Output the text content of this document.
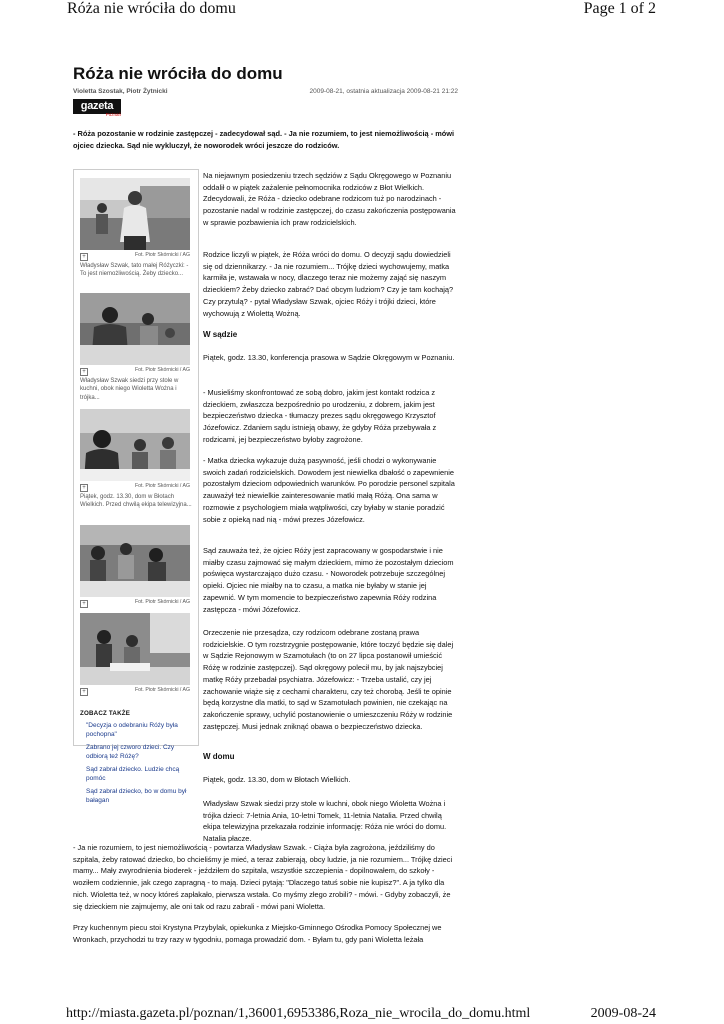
Róża nie wróciła do domu	Page 1 of 2
Róża nie wróciła do domu
Violetta Szostak, Piotr Żytnicki	2009-08-21, ostatnia aktualizacja 2009-08-21 21:22
gazeta
Poznań

- Róża pozostanie w rodzinie zastępczej - zadecydował sąd. - Ja nie rozumiem, to jest niemożliwością - mówi ojciec dziecka. Sąd nie wykluczył, że noworodek wróci jeszcze do rodziców.

+	Fot. Piotr Skórnicki / AG
Władysław Szwak, tato małej Różyczki: - To jest niemożliwością. Żeby dziecko...
+	Fot. Piotr Skórnicki / AG
Władysław Szwak siedzi przy stole w kuchni, obok niego Wioletta Wożna i trójka...
+	Fot. Piotr Skórnicki / AG
Piątek, godz. 13.30, dom w Błotach Wielkich. Przed chwilą ekipa telewizyjna...
+	Fot. Piotr Skórnicki / AG
+	Fot. Piotr Skórnicki / AG
ZOBACZ TAKŻE
"Decyzja o odebraniu Róży była pochopna"
Zabrano jej czworo dzieci. Czy odbiorą też Różę?
Sąd zabrał dziecko. Ludzie chcą pomóc
Sąd zabrał dziecko, bo w domu był bałagan

Na niejawnym posiedzeniu trzech sędziów z Sądu Okręgowego w Poznaniu oddalił o w piątek zażalenie pełnomocnika rodziców z Błot Wielkich. Zdecydowali, że Róża - dziecko odebrane rodzicom tuż po narodzinach - pozostanie nadal w rodzinie zastępczej, do czasu zakończenia postępowania w sprawie pozbawienia ich praw rodzicielskich.

Rodzice liczyli w piątek, że Róża wróci do domu. O decyzji sądu dowiedzieli się od dziennikarzy. - Ja nie rozumiem... Trójkę dzieci wychowujemy, matka karmiła je, wstawała w nocy, dlaczego teraz nie możemy zająć się naszym dzieckiem? Żeby dziecko zabrać? Dać obcym ludziom? Czy je tam kochają? Czy przytulą? - pytał Władysław Szwak, ojciec Róży i trójki dzieci, które wychowują z Wiolettą Wożną.

W sądzie

Piątek, godz. 13.30, konferencja prasowa w Sądzie Okręgowym w Poznaniu.

- Musieliśmy skonfrontować ze sobą dobro, jakim jest kontakt rodzica z dzieckiem, zwłaszcza bezpośrednio po urodzeniu, z dobrem, jakim jest bezpieczeństwo dziecka - tłumaczy prezes sądu okręgowego Krzysztof Józefowicz. Zdaniem sądu istnieją obawy, że gdyby Róża przebywała z rodzicami, jej bezpieczeństwo byłoby zagrożone.

- Matka dziecka wykazuje dużą pasywność, jeśli chodzi o wykonywanie swoich zadań rodzicielskich. Dowodem jest niewielka dbałość o zapewnienie pozostałym dzieciom odpowiednich warunków. Po porodzie personel szpitala zauważył też niewielkie zainteresowanie matki małą Różą. Ona sama w rozmowie z psychologiem miała wątpliwości, czy byłaby w stanie poradzić sobie z opieką nad nią - mówi prezes Józefowicz.

Sąd zauważa też, że ojciec Róży jest zapracowany w gospodarstwie i nie miałby czasu zajmować się małym dzieckiem, mimo że pozostałym dzieciom poświęca wystarczająco dużo czasu. - Noworodek potrzebuje szczególnej opieki. Ojciec nie miałby na to czasu, a matka nie byłaby w stanie jej zapewnić. W tym momencie to bezpieczeństwo zapewnia Róży rodzina zastępcza - mówi Józefowicz.

Orzeczenie nie przesądza, czy rodzicom odebrane zostaną prawa rodzicielskie. O tym rozstrzygnie postępowanie, które toczyć będzie się dalej w Sądzie Rejonowym w Szamotułach (to on 27 lipca postanowił umieścić Różę w rodzinie zastępczej). Sąd okręgowy polecił mu, by jak najszybciej matkę Róży przebadał psychiatra. Józefowicz: - Trzeba ustalić, czy jej zachowanie wiąże się z cechami charakteru, czy też chorobą. Jeśli te opinie będą korzystne dla matki, to sąd w Szamotułach powinien, nie czekając na zakończenie sprawy, uchylić postanowienie o umieszczeniu Róży w rodzinie zastępczej. Musi jednak zniknąć obawa o bezpieczeństwo dziecka.

W domu

Piątek, godz. 13.30, dom w Błotach Wielkich.

Władysław Szwak siedzi przy stole w kuchni, obok niego Wioletta Wożna i trójka dzieci: 7-letnia Ania, 10-letni Tomek, 11-letnia Natalia. Przed chwilą ekipa telewizyjna przekazała rodzinie informację: Róża nie wróci do domu. Natalia płacze.

- Ja nie rozumiem, to jest niemożliwością - powtarza Władysław Szwak. - Ciąża była zagrożona, jeździliśmy do szpitala, żeby ratować dziecko, bo chcieliśmy je mieć, a teraz zabierają, obcy ludzie, ja nie rozumiem... Trójkę dzieci mamy... Mały zwyrodnienia bioderek - jeździłem do szpitala, wszystkie szczepienia - dopilnowałem, do szkoły - woziłem codziennie, jak czego zapragną - to mają. Dzieci pytają: "Dlaczego tatuś sobie nie kupisz?". A ja tylko dla nich. Wioletta też, w nocy któreś zapłakało, pierwsza wstała. Co myśmy złego zrobili? - mówi. - Gdyby zobaczyli, że się dzieckiem nie zajmujemy, ale oni tak od razu zabrali - mówi pani Wioletta.

Przy kuchennym piecu stoi Krystyna Przybylak, opiekunka z Miejsko-Gminnego Ośrodka Pomocy Społecznej we Wronkach, przychodzi tu trzy razy w tygodniu, pomaga prowadzić dom. - Byłam tu, gdy pani Wioletta leżała

http://miasta.gazeta.pl/poznan/1,36001,6953386,Roza_nie_wrocila_do_domu.html	2009-08-24
